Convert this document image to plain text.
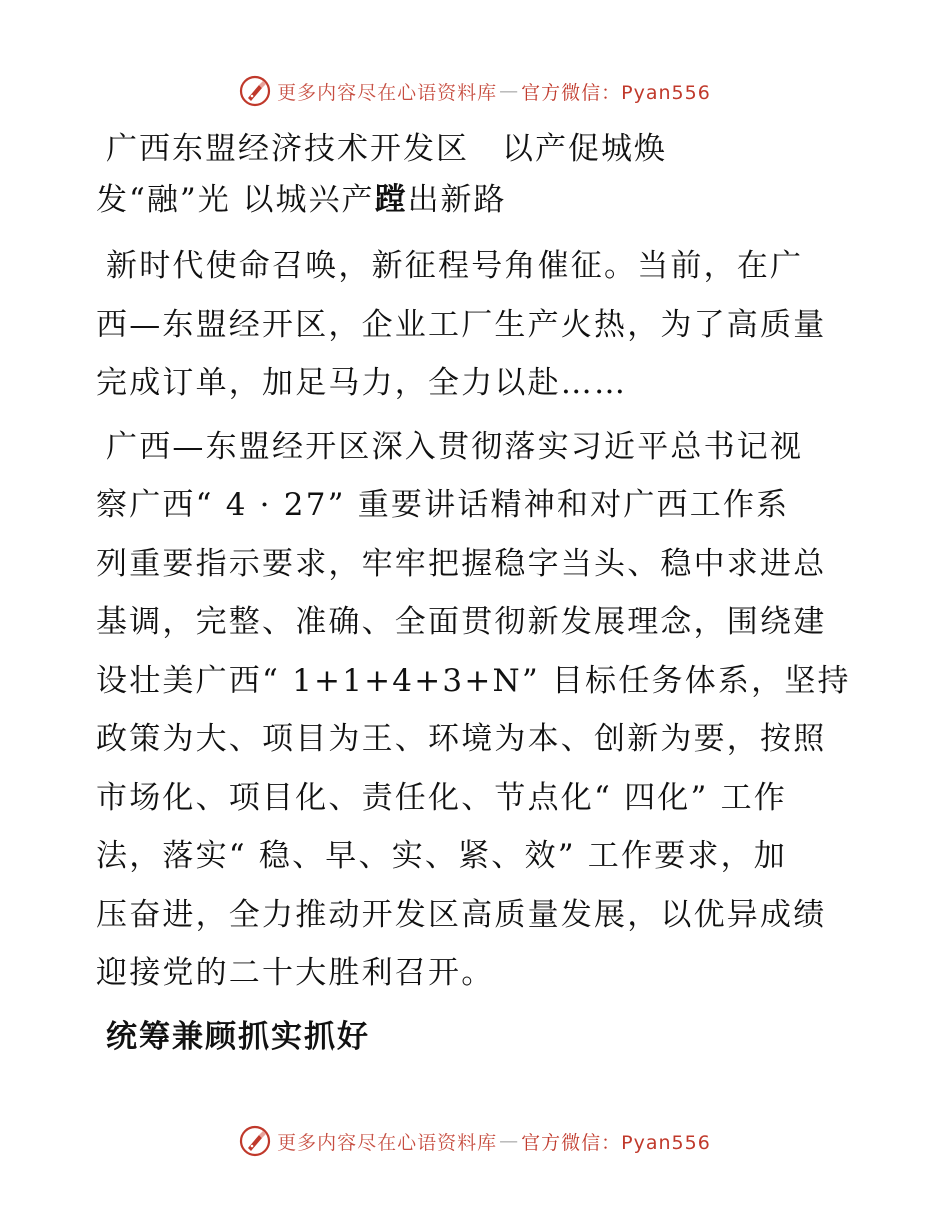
更多内容尽在心语资料库 — 官方微信：Pyan556
广西东盟经济技术开发区　以产促城焕
发“融”光 以城兴产蹚出新路

新时代使命召唤，新征程号角催征。当前，在广
西—东盟经开区，企业工厂生产火热，为了高质量
完成订单，加足马力，全力以赴……

广西—东盟经开区深入贯彻落实习近平总书记视
察广西“ 4 · 27” 重要讲话精神和对广西工作系
列重要指示要求，牢牢把握稳字当头、稳中求进总
基调，完整、准确、全面贯彻新发展理念，围绕建
设壮美广西“ 1+1+4+3+N” 目标任务体系，坚持
政策为大、项目为王、环境为本、创新为要，按照
市场化、项目化、责任化、节点化“ 四化” 工作
法，落实“ 稳、早、实、紧、效” 工作要求，加
压奋进，全力推动开发区高质量发展，以优异成绩
迎接党的二十大胜利召开。

统筹兼顾抓实抓好
更多内容尽在心语资料库 — 官方微信：Pyan556
